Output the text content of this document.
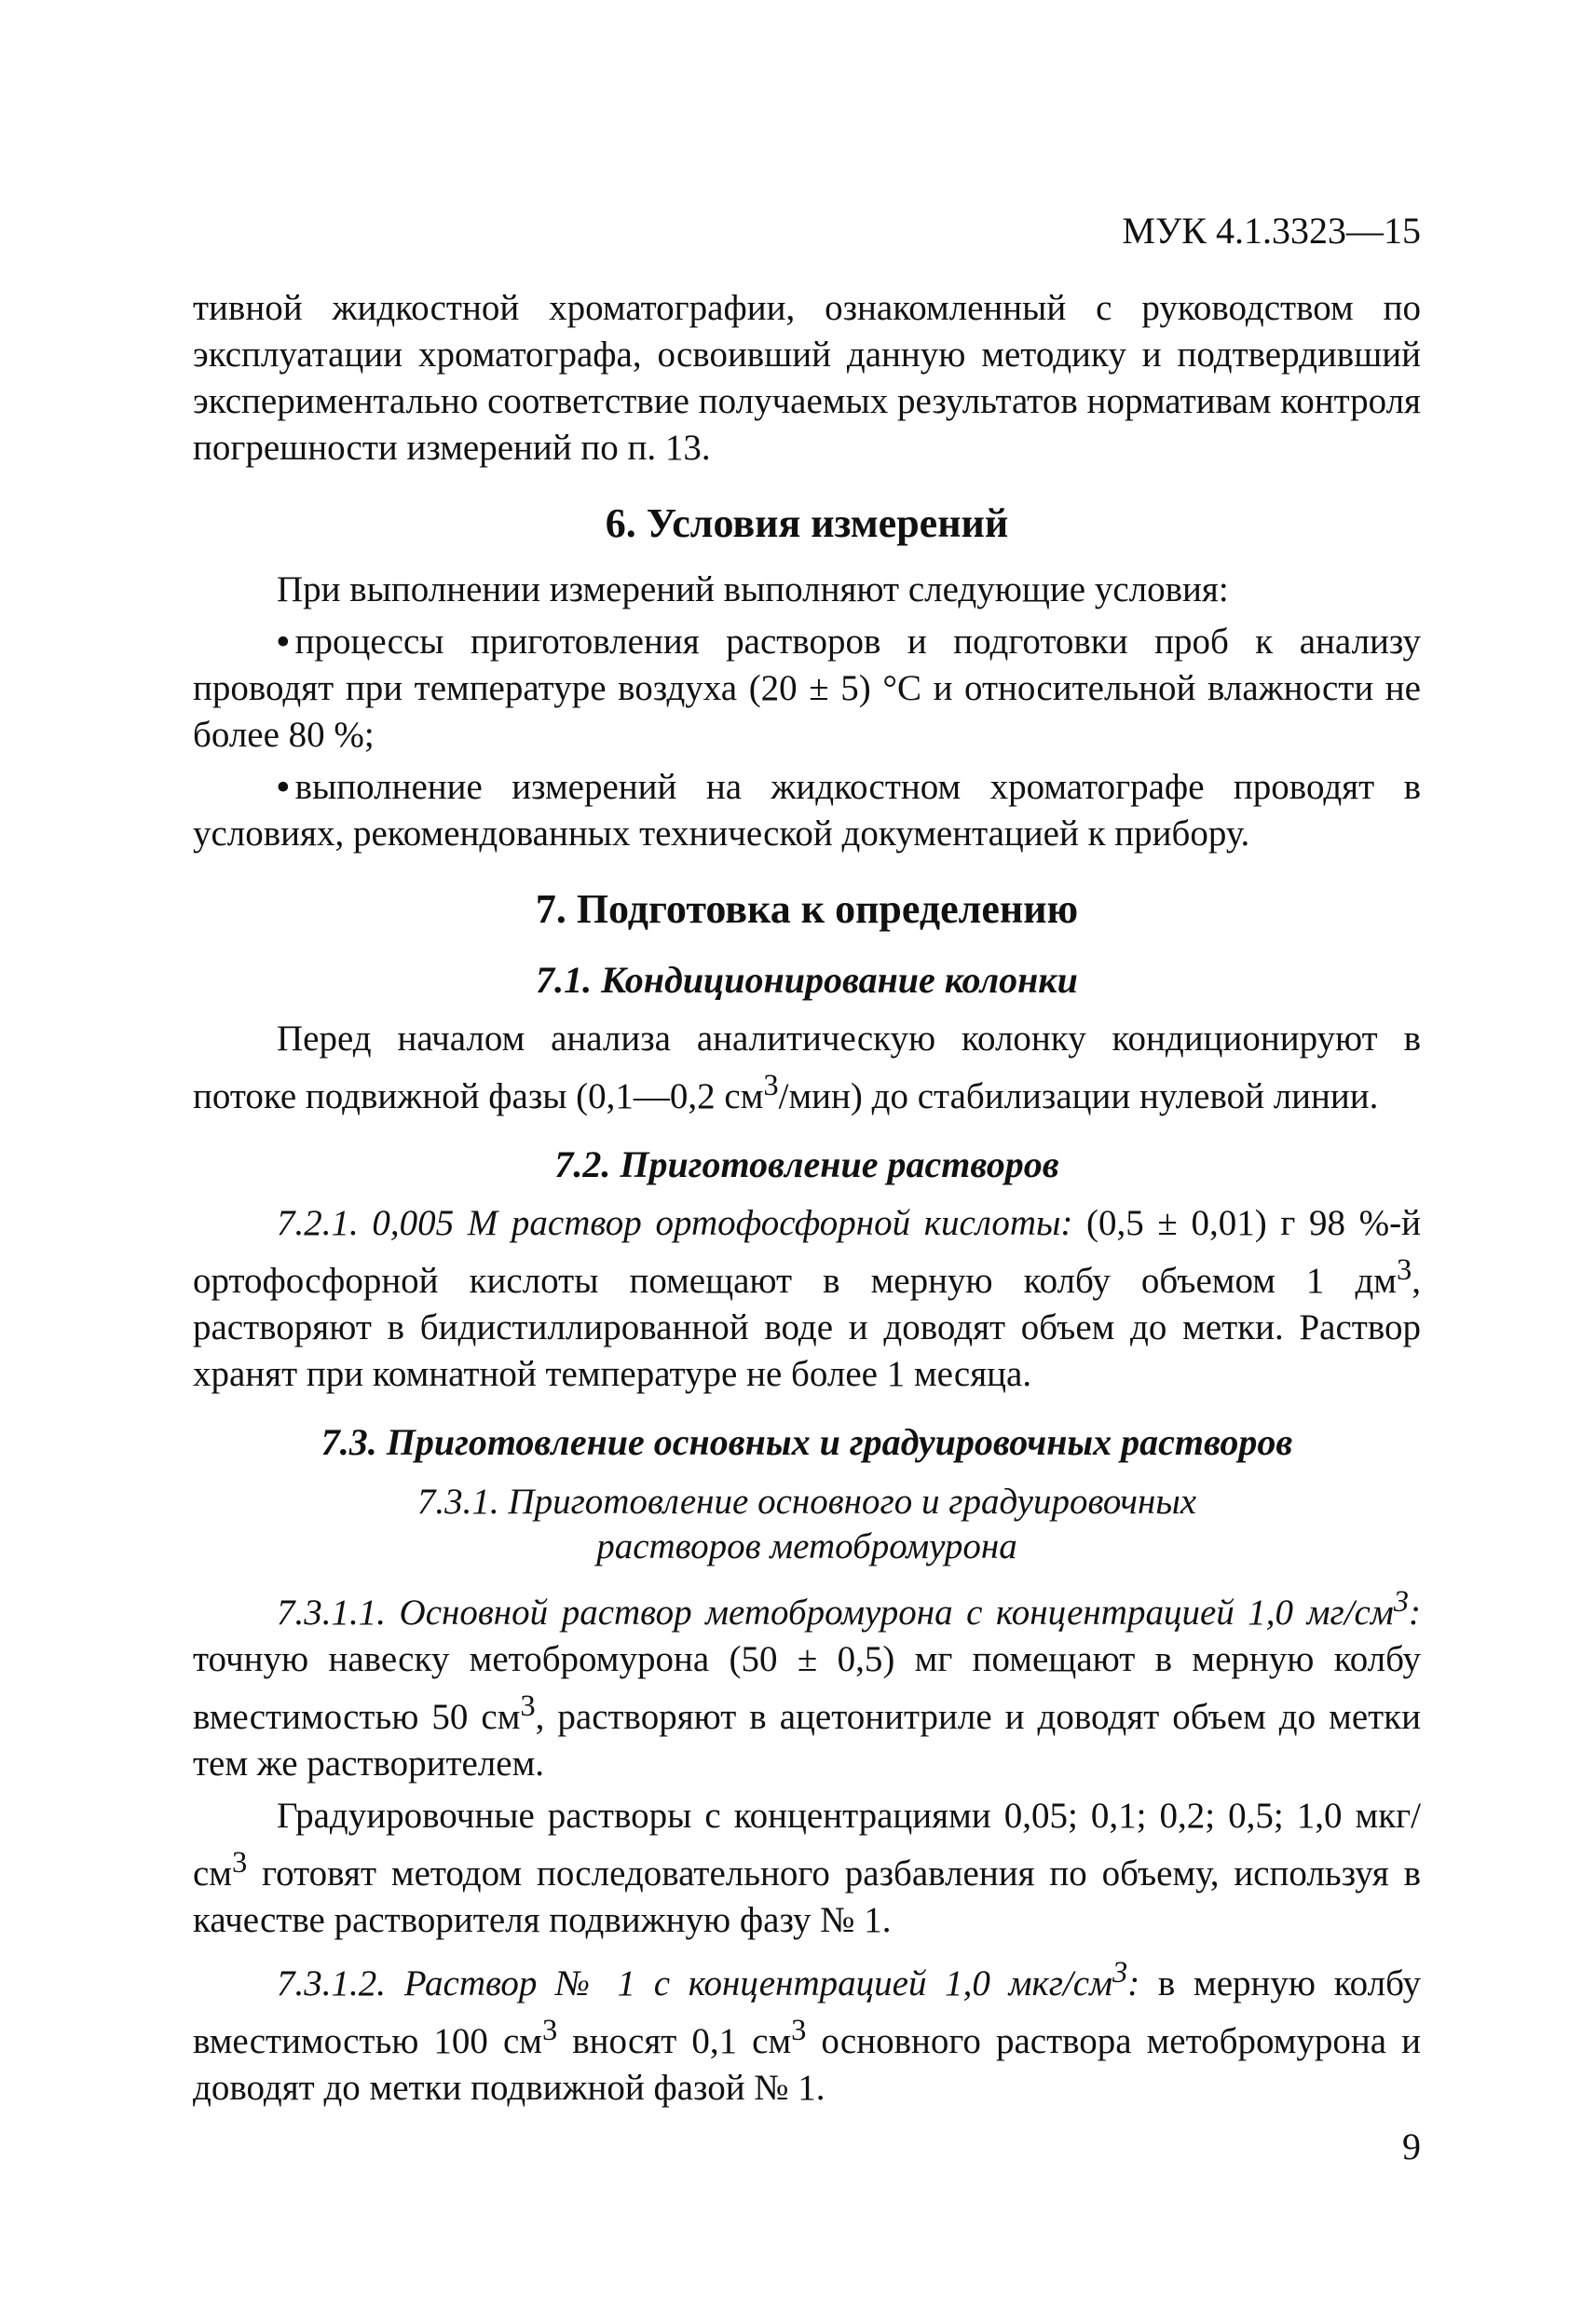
МУК 4.1.3323—15

тивной жидкостной хроматографии, ознакомленный с руководством по эксплуатации хроматографа, освоивший данную методику и подтвердивший экспериментально соответствие получаемых результатов нормативам контроля погрешности измерений по п. 13.

6. Условия измерений

При выполнении измерений выполняют следующие условия:

• процессы приготовления растворов и подготовки проб к анализу проводят при температуре воздуха (20 ± 5) °С и относительной влажности не более 80 %;

• выполнение измерений на жидкостном хроматографе проводят в условиях, рекомендованных технической документацией к прибору.

7. Подготовка к определению
7.1. Кондиционирование колонки

Перед началом анализа аналитическую колонку кондиционируют в потоке подвижной фазы (0,1—0,2 $см^3/мин$) до стабилизации нулевой линии.

7.2. Приготовление растворов

7.2.1. 0,005 М раствор ортофосфорной кислоты: (0,5 ± 0,01) г 98 %-й ортофосфорной кислоты помещают в мерную колбу объемом 1 $дм^3$, растворяют в бидистиллированной воде и доводят объем до метки. Раствор хранят при комнатной температуре не более 1 месяца.

7.3. Приготовление основных и градуировочных растворов
7.3.1. Приготовление основного и градуировочных
растворов метобромурона

7.3.1.1. Основной раствор метобромурона с концентрацией 1,0 $мг/см^3$: точную навеску метобромурона (50 ± 0,5) мг помещают в мерную колбу вместимостью 50 $см^3$, растворяют в ацетонитриле и доводят объем до метки тем же растворителем.

Градуировочные растворы с концентрациями 0,05; 0,1; 0,2; 0,5; 1,0 мкг/$см^3$ готовят методом последовательного разбавления по объему, используя в качестве растворителя подвижную фазу № 1.

7.3.1.2. Раствор № 1 с концентрацией 1,0 мкг/$см^3$: в мерную колбу вместимостью 100 $см^3$ вносят 0,1 $см^3$ основного раствора метобромурона и доводят до метки подвижной фазой № 1.

9
